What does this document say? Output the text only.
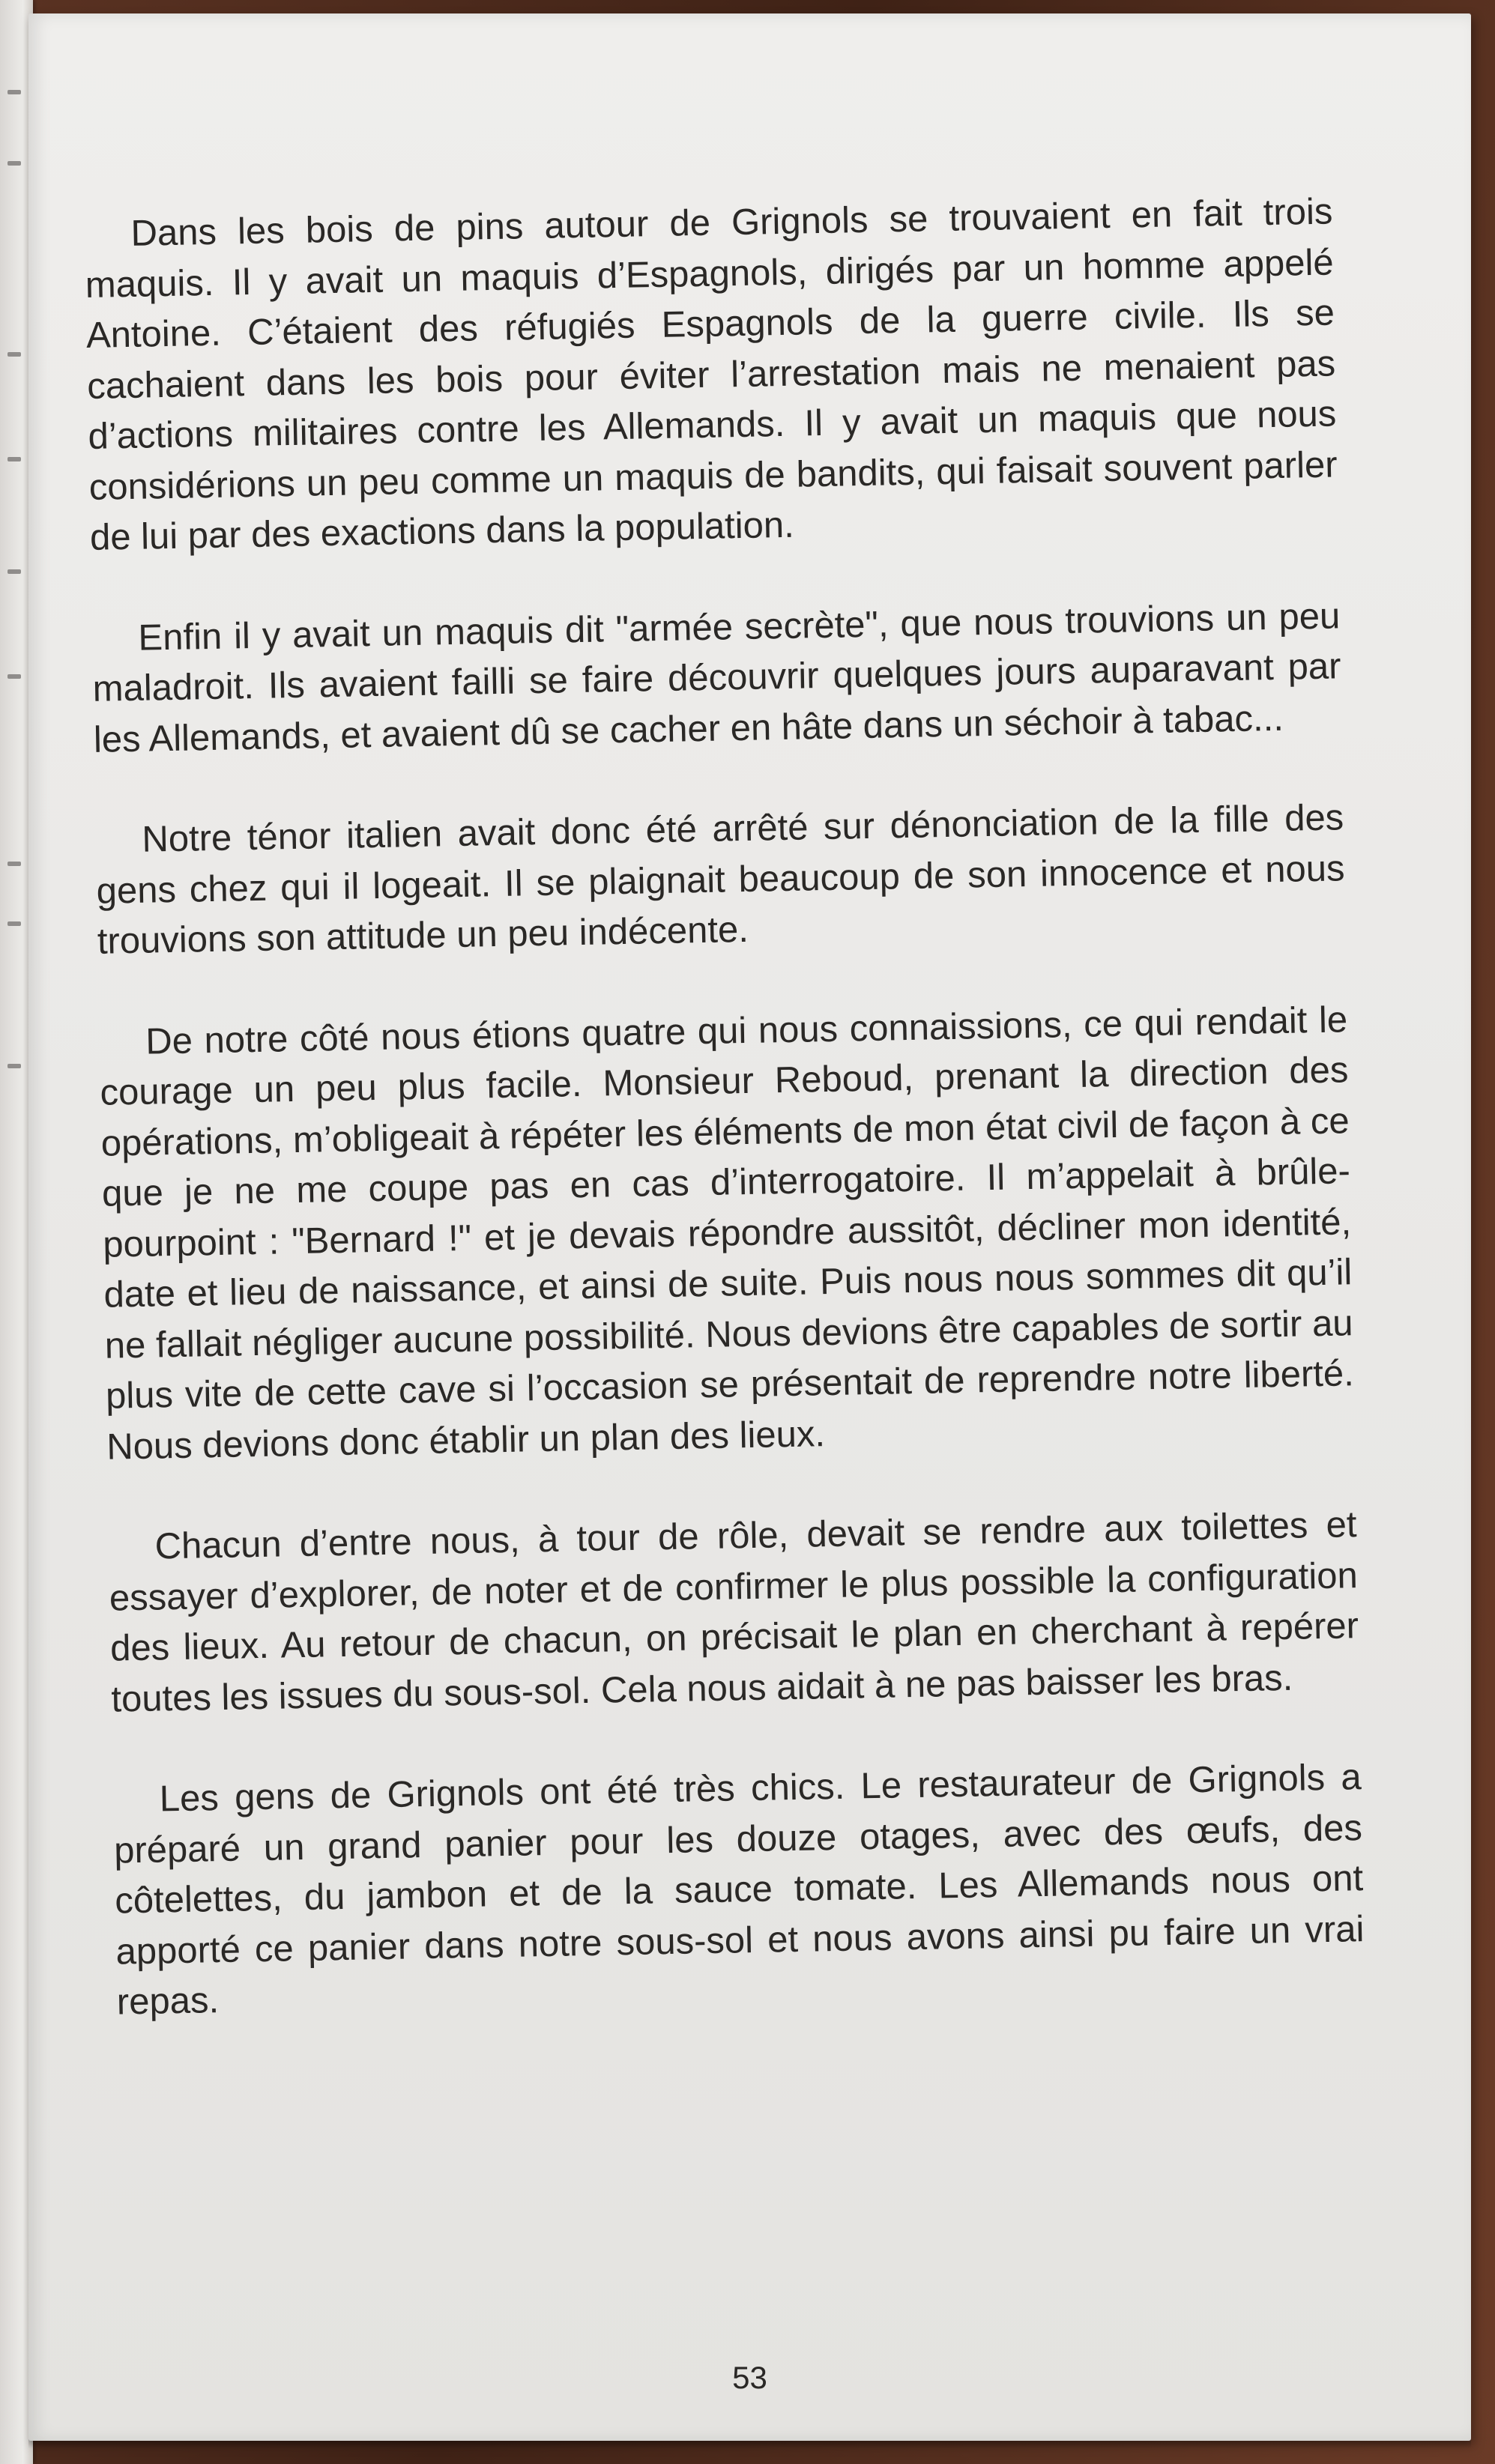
Dans les bois de pins autour de Grignols se trouvaient en fait trois maquis. Il y avait un maquis d’Espagnols, dirigés par un homme appelé Antoine. C’étaient des réfugiés Espagnols de la guerre civile. Ils se cachaient dans les bois pour éviter l’arrestation mais ne menaient pas d’actions militaires contre les Allemands. Il y avait un maquis que nous considérions un peu comme un maquis de bandits, qui faisait souvent parler de lui par des exactions dans la population.

Enfin il y avait un maquis dit "armée secrète", que nous trouvions un peu maladroit. Ils avaient failli se faire découvrir quelques jours auparavant par les Allemands, et avaient dû se cacher en hâte dans un séchoir à tabac...

Notre ténor italien avait donc été arrêté sur dénonciation de la fille des gens chez qui il logeait. Il se plaignait beaucoup de son innocence et nous trouvions son attitude un peu indécente.

De notre côté nous étions quatre qui nous connaissions, ce qui rendait le courage un peu plus facile. Monsieur Reboud, prenant la direction des opérations, m’obligeait à répéter les éléments de mon état civil de façon à ce que je ne me coupe pas en cas d’interrogatoire. Il m’appelait à brûle-pourpoint : "Bernard !" et je devais répondre aussitôt, décliner mon identité, date et lieu de naissance, et ainsi de suite. Puis nous nous sommes dit qu’il ne fallait négliger aucune possibilité. Nous devions être capables de sortir au plus vite de cette cave si l’occasion se présentait de reprendre notre liberté. Nous devions donc établir un plan des lieux.

Chacun d’entre nous, à tour de rôle, devait se rendre aux toilettes et essayer d’explorer, de noter et de confirmer le plus possible la configuration des lieux. Au retour de chacun, on précisait le plan en cherchant à repérer toutes les issues du sous-sol. Cela nous aidait à ne pas baisser les bras.

Les gens de Grignols ont été très chics. Le restaurateur de Grignols a préparé un grand panier pour les douze otages, avec des œufs, des côtelettes, du jambon et de la sauce tomate. Les Allemands nous ont apporté ce panier dans notre sous-sol et nous avons ainsi pu faire un vrai repas.

53
